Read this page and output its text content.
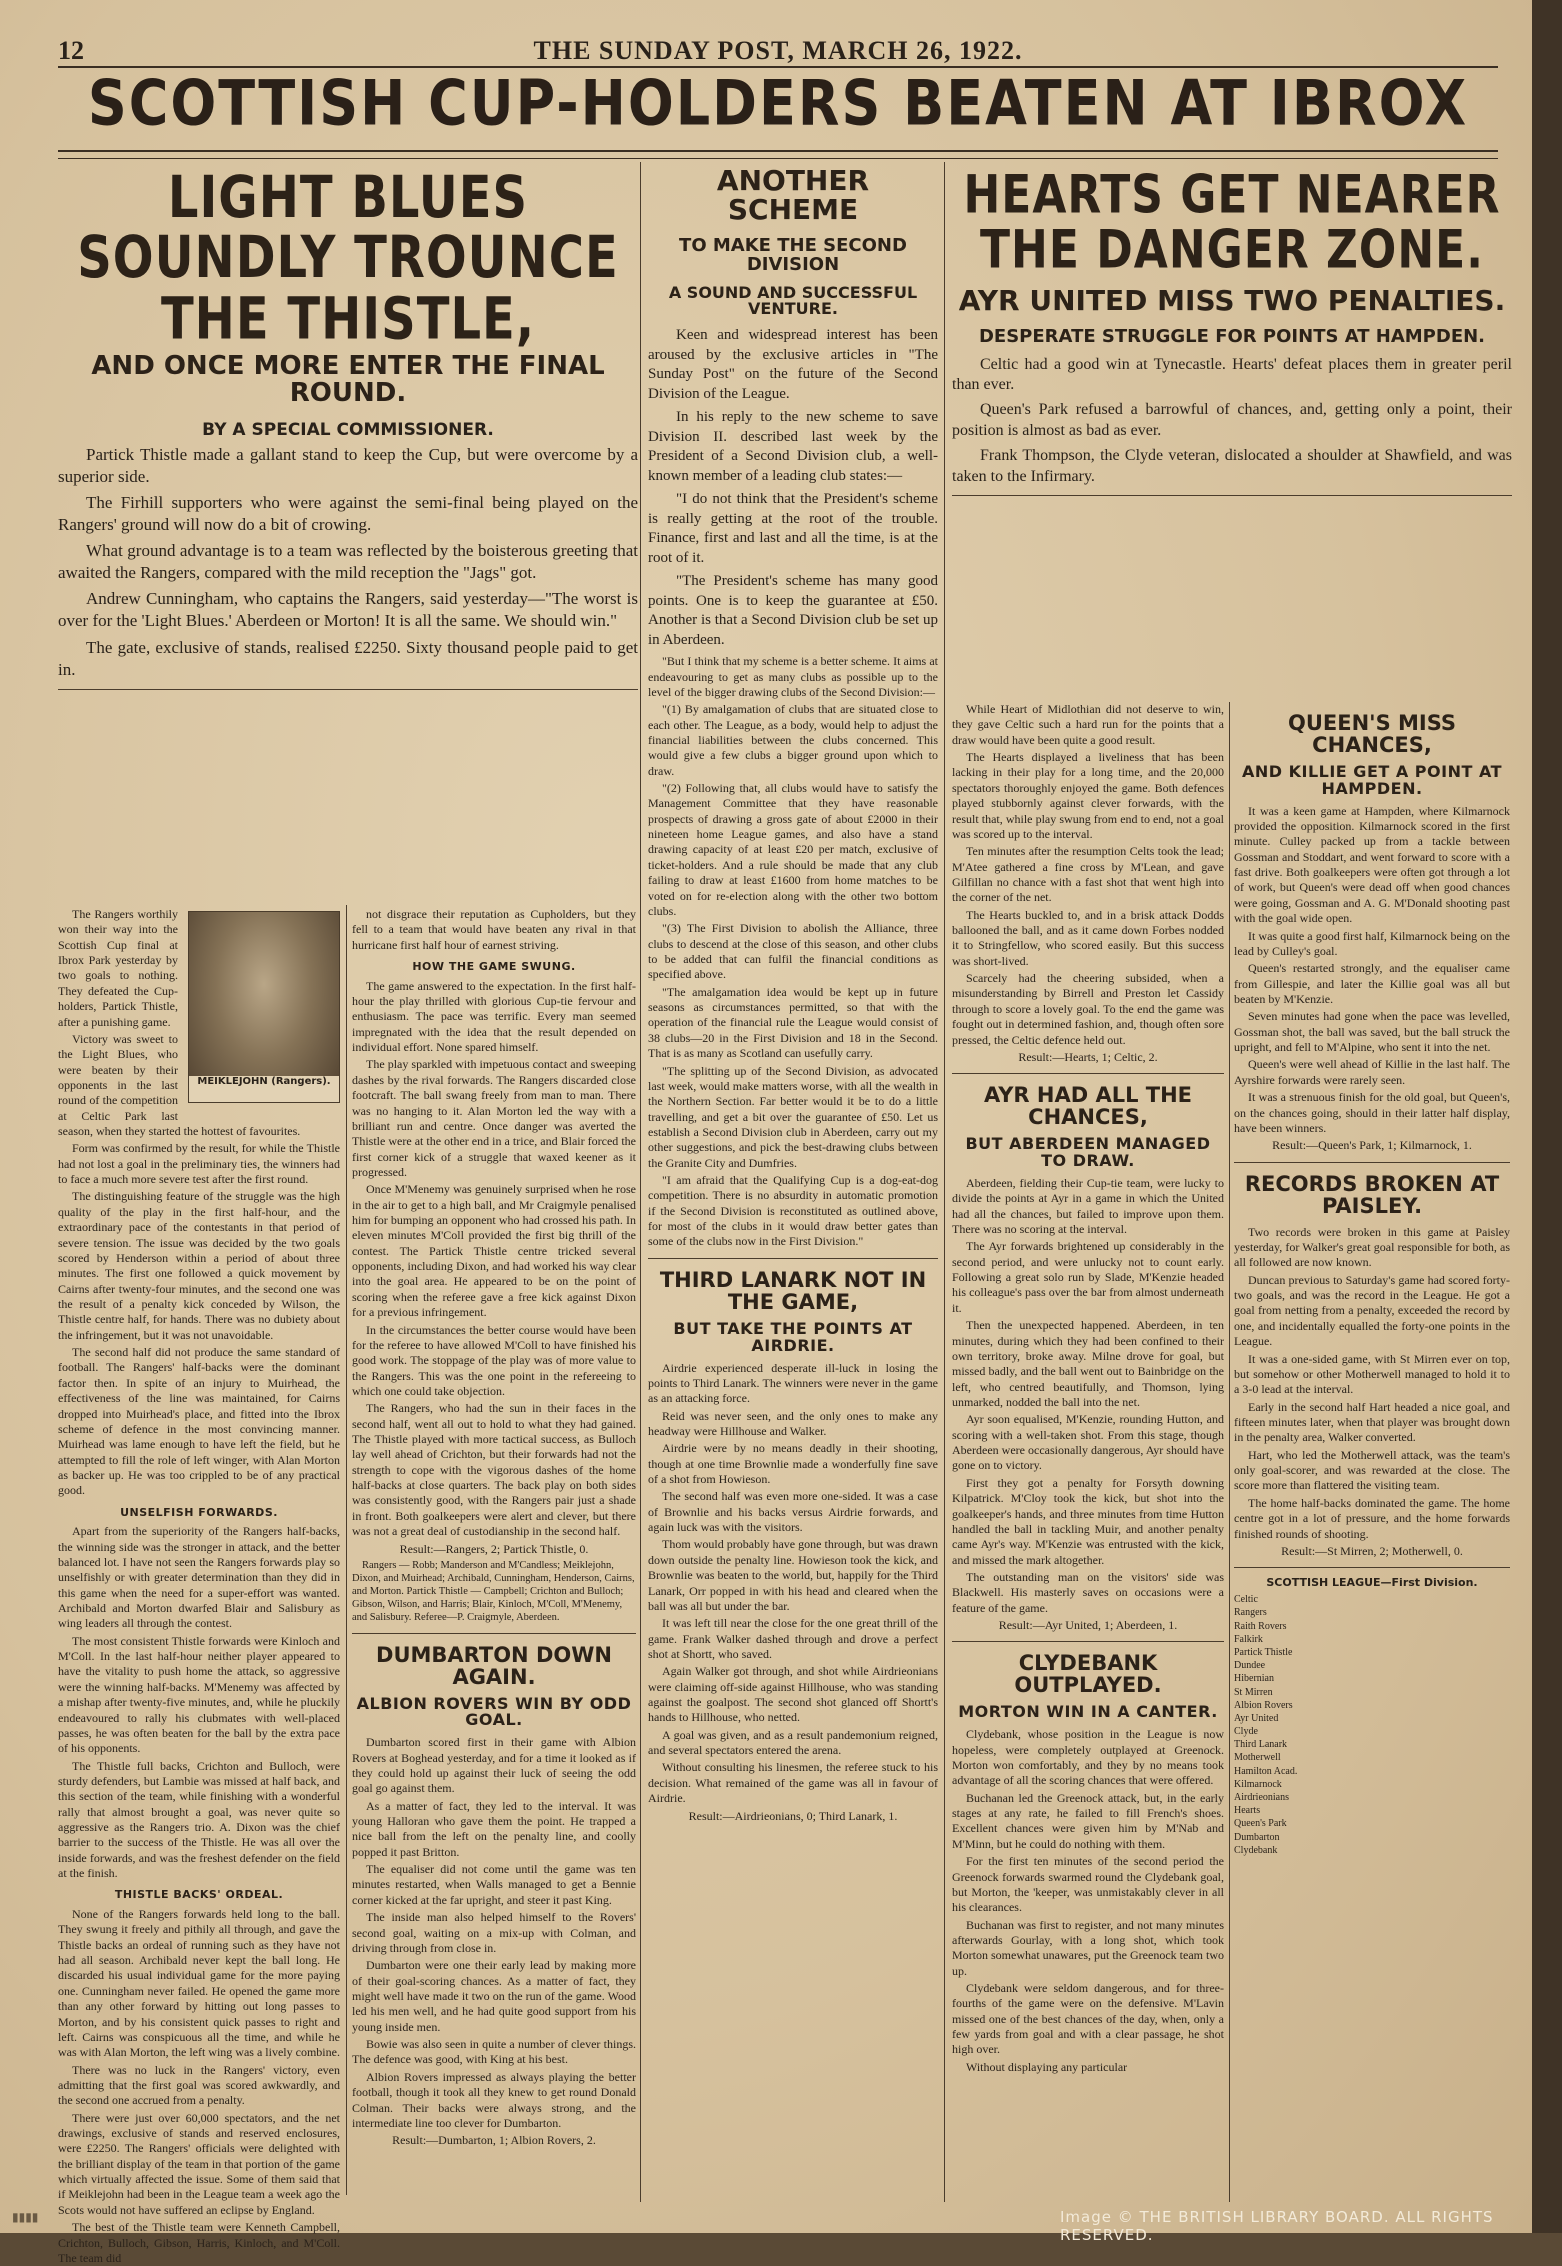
12	THE SUNDAY POST, MARCH 26, 1922.
SCOTTISH CUP-HOLDERS BEATEN AT IBROX
LIGHT BLUES SOUNDLY TROUNCE THE THISTLE,
AND ONCE MORE ENTER THE FINAL ROUND.
BY A SPECIAL COMMISSIONER.

Partick Thistle made a gallant stand to keep the Cup, but were overcome by a superior side.

The Firhill supporters who were against the semi-final being played on the Rangers' ground will now do a bit of crowing.

What ground advantage is to a team was reflected by the boisterous greeting that awaited the Rangers, compared with the mild reception the "Jags" got.

Andrew Cunningham, who captains the Rangers, said yesterday—"The worst is over for the 'Light Blues.' Aberdeen or Morton! It is all the same. We should win."

The gate, exclusive of stands, realised £2250. Sixty thousand people paid to get in.

MEIKLEJOHN (Rangers).

The Rangers worthily won their way into the Scottish Cup final at Ibrox Park yesterday by two goals to nothing. They defeated the Cup-holders, Partick Thistle, after a punishing game.

Victory was sweet to the Light Blues, who were beaten by their opponents in the last round of the competition at Celtic Park last season, when they started the hottest of favourites.

Form was confirmed by the result, for while the Thistle had not lost a goal in the preliminary ties, the winners had to face a much more severe test after the first round.

The distinguishing feature of the struggle was the high quality of the play in the first half-hour, and the extraordinary pace of the contestants in that period of severe tension. The issue was decided by the two goals scored by Henderson within a period of about three minutes. The first one followed a quick movement by Cairns after twenty-four minutes, and the second one was the result of a penalty kick conceded by Wilson, the Thistle centre half, for hands. There was no dubiety about the infringement, but it was not unavoidable.

The second half did not produce the same standard of football. The Rangers' half-backs were the dominant factor then. In spite of an injury to Muirhead, the effectiveness of the line was maintained, for Cairns dropped into Muirhead's place, and fitted into the Ibrox scheme of defence in the most convincing manner. Muirhead was lame enough to have left the field, but he attempted to fill the role of left winger, with Alan Morton as backer up. He was too crippled to be of any practical good.

UNSELFISH FORWARDS.

Apart from the superiority of the Rangers half-backs, the winning side was the stronger in attack, and the better balanced lot. I have not seen the Rangers forwards play so unselfishly or with greater determination than they did in this game when the need for a super-effort was wanted. Archibald and Morton dwarfed Blair and Salisbury as wing leaders all through the contest.

The most consistent Thistle forwards were Kinloch and M'Coll. In the last half-hour neither player appeared to have the vitality to push home the attack, so aggressive were the winning half-backs. M'Menemy was affected by a mishap after twenty-five minutes, and, while he pluckily endeavoured to rally his clubmates with well-placed passes, he was often beaten for the ball by the extra pace of his opponents.

The Thistle full backs, Crichton and Bulloch, were sturdy defenders, but Lambie was missed at half back, and this section of the team, while finishing with a wonderful rally that almost brought a goal, was never quite so aggressive as the Rangers trio. A. Dixon was the chief barrier to the success of the Thistle. He was all over the inside forwards, and was the freshest defender on the field at the finish.

THISTLE BACKS' ORDEAL.

None of the Rangers forwards held long to the ball. They swung it freely and pithily all through, and gave the Thistle backs an ordeal of running such as they have not had all season. Archibald never kept the ball long. He discarded his usual individual game for the more paying one. Cunningham never failed. He opened the game more than any other forward by hitting out long passes to Morton, and by his consistent quick passes to right and left. Cairns was conspicuous all the time, and while he was with Alan Morton, the left wing was a lively combine.

There was no luck in the Rangers' victory, even admitting that the first goal was scored awkwardly, and the second one accrued from a penalty.

There were just over 60,000 spectators, and the net drawings, exclusive of stands and reserved enclosures, were £2250. The Rangers' officials were delighted with the brilliant display of the team in that portion of the game which virtually affected the issue. Some of them said that if Meiklejohn had been in the League team a week ago the Scots would not have suffered an eclipse by England.

The best of the Thistle team were Kenneth Campbell, Crichton, Bulloch, Gibson, Harris, Kinloch, and M'Coll. The team did

not disgrace their reputation as Cupholders, but they fell to a team that would have beaten any rival in that hurricane first half hour of earnest striving.

HOW THE GAME SWUNG.

The game answered to the expectation. In the first half-hour the play thrilled with glorious Cup-tie fervour and enthusiasm. The pace was terrific. Every man seemed impregnated with the idea that the result depended on individual effort. None spared himself.

The play sparkled with impetuous contact and sweeping dashes by the rival forwards. The Rangers discarded close footcraft. The ball swang freely from man to man. There was no hanging to it. Alan Morton led the way with a brilliant run and centre. Once danger was averted the Thistle were at the other end in a trice, and Blair forced the first corner kick of a struggle that waxed keener as it progressed.

Once M'Menemy was genuinely surprised when he rose in the air to get to a high ball, and Mr Craigmyle penalised him for bumping an opponent who had crossed his path. In eleven minutes M'Coll provided the first big thrill of the contest. The Partick Thistle centre tricked several opponents, including Dixon, and had worked his way clear into the goal area. He appeared to be on the point of scoring when the referee gave a free kick against Dixon for a previous infringement.

In the circumstances the better course would have been for the referee to have allowed M'Coll to have finished his good work. The stoppage of the play was of more value to the Rangers. This was the one point in the refereeing to which one could take objection.

The Rangers, who had the sun in their faces in the second half, went all out to hold to what they had gained. The Thistle played with more tactical success, as Bulloch lay well ahead of Crichton, but their forwards had not the strength to cope with the vigorous dashes of the home half-backs at close quarters. The back play on both sides was consistently good, with the Rangers pair just a shade in front. Both goalkeepers were alert and clever, but there was not a great deal of custodianship in the second half.

Result:—Rangers, 2; Partick Thistle, 0.

Rangers — Robb; Manderson and M'Candless; Meiklejohn, Dixon, and Muirhead; Archibald, Cunningham, Henderson, Cairns, and Morton. Partick Thistle — Campbell; Crichton and Bulloch; Gibson, Wilson, and Harris; Blair, Kinloch, M'Coll, M'Menemy, and Salisbury. Referee—P. Craigmyle, Aberdeen.

DUMBARTON DOWN AGAIN.
ALBION ROVERS WIN BY ODD GOAL.

Dumbarton scored first in their game with Albion Rovers at Boghead yesterday, and for a time it looked as if they could hold up against their luck of seeing the odd goal go against them.

As a matter of fact, they led to the interval. It was young Halloran who gave them the point. He trapped a nice ball from the left on the penalty line, and coolly popped it past Britton.

The equaliser did not come until the game was ten minutes restarted, when Walls managed to get a Bennie corner kicked at the far upright, and steer it past King.

The inside man also helped himself to the Rovers' second goal, waiting on a mix-up with Colman, and driving through from close in.

Dumbarton were one their early lead by making more of their goal-scoring chances. As a matter of fact, they might well have made it two on the run of the game. Wood led his men well, and he had quite good support from his young inside men.

Bowie was also seen in quite a number of clever things. The defence was good, with King at his best.

Albion Rovers impressed as always playing the better football, though it took all they knew to get round Donald Colman. Their backs were always strong, and the intermediate line too clever for Dumbarton.

Result:—Dumbarton, 1; Albion Rovers, 2.

ANOTHER SCHEME
TO MAKE THE SECOND DIVISION
A SOUND AND SUCCESSFUL VENTURE.

Keen and widespread interest has been aroused by the exclusive articles in "The Sunday Post" on the future of the Second Division of the League.

In his reply to the new scheme to save Division II. described last week by the President of a Second Division club, a well-known member of a leading club states:—

"I do not think that the President's scheme is really getting at the root of the trouble. Finance, first and last and all the time, is at the root of it.

"The President's scheme has many good points. One is to keep the guarantee at £50. Another is that a Second Division club be set up in Aberdeen.

"But I think that my scheme is a better scheme. It aims at endeavouring to get as many clubs as possible up to the level of the bigger drawing clubs of the Second Division:—

"(1) By amalgamation of clubs that are situated close to each other. The League, as a body, would help to adjust the financial liabilities between the clubs concerned. This would give a few clubs a bigger ground upon which to draw.

"(2) Following that, all clubs would have to satisfy the Management Committee that they have reasonable prospects of drawing a gross gate of about £2000 in their nineteen home League games, and also have a stand drawing capacity of at least £20 per match, exclusive of ticket-holders. And a rule should be made that any club failing to draw at least £1600 from home matches to be voted on for re-election along with the other two bottom clubs.

"(3) The First Division to abolish the Alliance, three clubs to descend at the close of this season, and other clubs to be added that can fulfil the financial conditions as specified above.

"The amalgamation idea would be kept up in future seasons as circumstances permitted, so that with the operation of the financial rule the League would consist of 38 clubs—20 in the First Division and 18 in the Second. That is as many as Scotland can usefully carry.

"The splitting up of the Second Division, as advocated last week, would make matters worse, with all the wealth in the Northern Section. Far better would it be to do a little travelling, and get a bit over the guarantee of £50. Let us establish a Second Division club in Aberdeen, carry out my other suggestions, and pick the best-drawing clubs between the Granite City and Dumfries.

"I am afraid that the Qualifying Cup is a dog-eat-dog competition. There is no absurdity in automatic promotion if the Second Division is reconstituted as outlined above, for most of the clubs in it would draw better gates than some of the clubs now in the First Division."

THIRD LANARK NOT IN THE GAME,
BUT TAKE THE POINTS AT AIRDRIE.

Airdrie experienced desperate ill-luck in losing the points to Third Lanark. The winners were never in the game as an attacking force.

Reid was never seen, and the only ones to make any headway were Hillhouse and Walker.

Airdrie were by no means deadly in their shooting, though at one time Brownlie made a wonderfully fine save of a shot from Howieson.

The second half was even more one-sided. It was a case of Brownlie and his backs versus Airdrie forwards, and again luck was with the visitors.

Thom would probably have gone through, but was drawn down outside the penalty line. Howieson took the kick, and Brownlie was beaten to the world, but, happily for the Third Lanark, Orr popped in with his head and cleared when the ball was all but under the bar.

It was left till near the close for the one great thrill of the game. Frank Walker dashed through and drove a perfect shot at Shortt, who saved.

Again Walker got through, and shot while Airdrieonians were claiming off-side against Hillhouse, who was standing against the goalpost. The second shot glanced off Shortt's hands to Hillhouse, who netted.

A goal was given, and as a result pandemonium reigned, and several spectators entered the arena.

Without consulting his linesmen, the referee stuck to his decision. What remained of the game was all in favour of Airdrie.

Result:—Airdrieonians, 0; Third Lanark, 1.

HEARTS GET NEARER THE DANGER ZONE.
AYR UNITED MISS TWO PENALTIES.
DESPERATE STRUGGLE FOR POINTS AT HAMPDEN.

Celtic had a good win at Tynecastle. Hearts' defeat places them in greater peril than ever.

Queen's Park refused a barrowful of chances, and, getting only a point, their position is almost as bad as ever.

Frank Thompson, the Clyde veteran, dislocated a shoulder at Shawfield, and was taken to the Infirmary.

While Heart of Midlothian did not deserve to win, they gave Celtic such a hard run for the points that a draw would have been quite a good result.

The Hearts displayed a liveliness that has been lacking in their play for a long time, and the 20,000 spectators thoroughly enjoyed the game. Both defences played stubbornly against clever forwards, with the result that, while play swung from end to end, not a goal was scored up to the interval.

Ten minutes after the resumption Celts took the lead; M'Atee gathered a fine cross by M'Lean, and gave Gilfillan no chance with a fast shot that went high into the corner of the net.

The Hearts buckled to, and in a brisk attack Dodds ballooned the ball, and as it came down Forbes nodded it to Stringfellow, who scored easily. But this success was short-lived.

Scarcely had the cheering subsided, when a misunderstanding by Birrell and Preston let Cassidy through to score a lovely goal. To the end the game was fought out in determined fashion, and, though often sore pressed, the Celtic defence held out.

Result:—Hearts, 1; Celtic, 2.

AYR HAD ALL THE CHANCES,
BUT ABERDEEN MANAGED TO DRAW.

Aberdeen, fielding their Cup-tie team, were lucky to divide the points at Ayr in a game in which the United had all the chances, but failed to improve upon them. There was no scoring at the interval.

The Ayr forwards brightened up considerably in the second period, and were unlucky not to count early. Following a great solo run by Slade, M'Kenzie headed his colleague's pass over the bar from almost underneath it.

Then the unexpected happened. Aberdeen, in ten minutes, during which they had been confined to their own territory, broke away. Milne drove for goal, but missed badly, and the ball went out to Bainbridge on the left, who centred beautifully, and Thomson, lying unmarked, nodded the ball into the net.

Ayr soon equalised, M'Kenzie, rounding Hutton, and scoring with a well-taken shot. From this stage, though Aberdeen were occasionally dangerous, Ayr should have gone on to victory.

First they got a penalty for Forsyth downing Kilpatrick. M'Cloy took the kick, but shot into the goalkeeper's hands, and three minutes from time Hutton handled the ball in tackling Muir, and another penalty came Ayr's way. M'Kenzie was entrusted with the kick, and missed the mark altogether.

The outstanding man on the visitors' side was Blackwell. His masterly saves on occasions were a feature of the game.

Result:—Ayr United, 1; Aberdeen, 1.

CLYDEBANK OUTPLAYED.
MORTON WIN IN A CANTER.

Clydebank, whose position in the League is now hopeless, were completely outplayed at Greenock. Morton won comfortably, and they by no means took advantage of all the scoring chances that were offered.

Buchanan led the Greenock attack, but, in the early stages at any rate, he failed to fill French's shoes. Excellent chances were given him by M'Nab and M'Minn, but he could do nothing with them.

For the first ten minutes of the second period the Greenock forwards swarmed round the Clydebank goal, but Morton, the 'keeper, was unmistakably clever in all his clearances.

Buchanan was first to register, and not many minutes afterwards Gourlay, with a long shot, which took Morton somewhat unawares, put the Greenock team two up.

Clydebank were seldom dangerous, and for three-fourths of the game were on the defensive. M'Lavin missed one of the best chances of the day, when, only a few yards from goal and with a clear passage, he shot high over.

Without displaying any particular

QUEEN'S MISS CHANCES,
AND KILLIE GET A POINT AT HAMPDEN.

It was a keen game at Hampden, where Kilmarnock provided the opposition. Kilmarnock scored in the first minute. Culley packed up from a tackle between Gossman and Stoddart, and went forward to score with a fast drive. Both goalkeepers were often got through a lot of work, but Queen's were dead off when good chances were going, Gossman and A. G. M'Donald shooting past with the goal wide open.

It was quite a good first half, Kilmarnock being on the lead by Culley's goal.

Queen's restarted strongly, and the equaliser came from Gillespie, and later the Killie goal was all but beaten by M'Kenzie.

Seven minutes had gone when the pace was levelled, Gossman shot, the ball was saved, but the ball struck the upright, and fell to M'Alpine, who sent it into the net.

Queen's were well ahead of Killie in the last half. The Ayrshire forwards were rarely seen.

It was a strenuous finish for the old goal, but Queen's, on the chances going, should in their latter half display, have been winners.

Result:—Queen's Park, 1; Kilmarnock, 1.

RECORDS BROKEN AT PAISLEY.

Two records were broken in this game at Paisley yesterday, for Walker's great goal responsible for both, as all followed are now known.

Duncan previous to Saturday's game had scored forty-two goals, and was the record in the League. He got a goal from netting from a penalty, exceeded the record by one, and incidentally equalled the forty-one points in the League.

It was a one-sided game, with St Mirren ever on top, but somehow or other Motherwell managed to hold it to a 3-0 lead at the interval.

Early in the second half Hart headed a nice goal, and fifteen minutes later, when that player was brought down in the penalty area, Walker converted.

Hart, who led the Motherwell attack, was the team's only goal-scorer, and was rewarded at the close. The score more than flattered the visiting team.

The home half-backs dominated the game. The home centre got in a lot of pressure, and the home forwards finished rounds of shooting.

Result:—St Mirren, 2; Motherwell, 0.

SCOTTISH LEAGUE—First Division.
Celtic
Rangers
Raith Rovers
Falkirk
Partick Thistle
Dundee
Hibernian
St Mirren
Albion Rovers
Ayr United
Clyde
Third Lanark
Motherwell
Hamilton Acad.
Kilmarnock
Airdrieonians
Hearts
Queen's Park
Dumbarton
Clydebank
▮▮▮▮	Image © THE BRITISH LIBRARY BOARD. ALL RIGHTS RESERVED.
